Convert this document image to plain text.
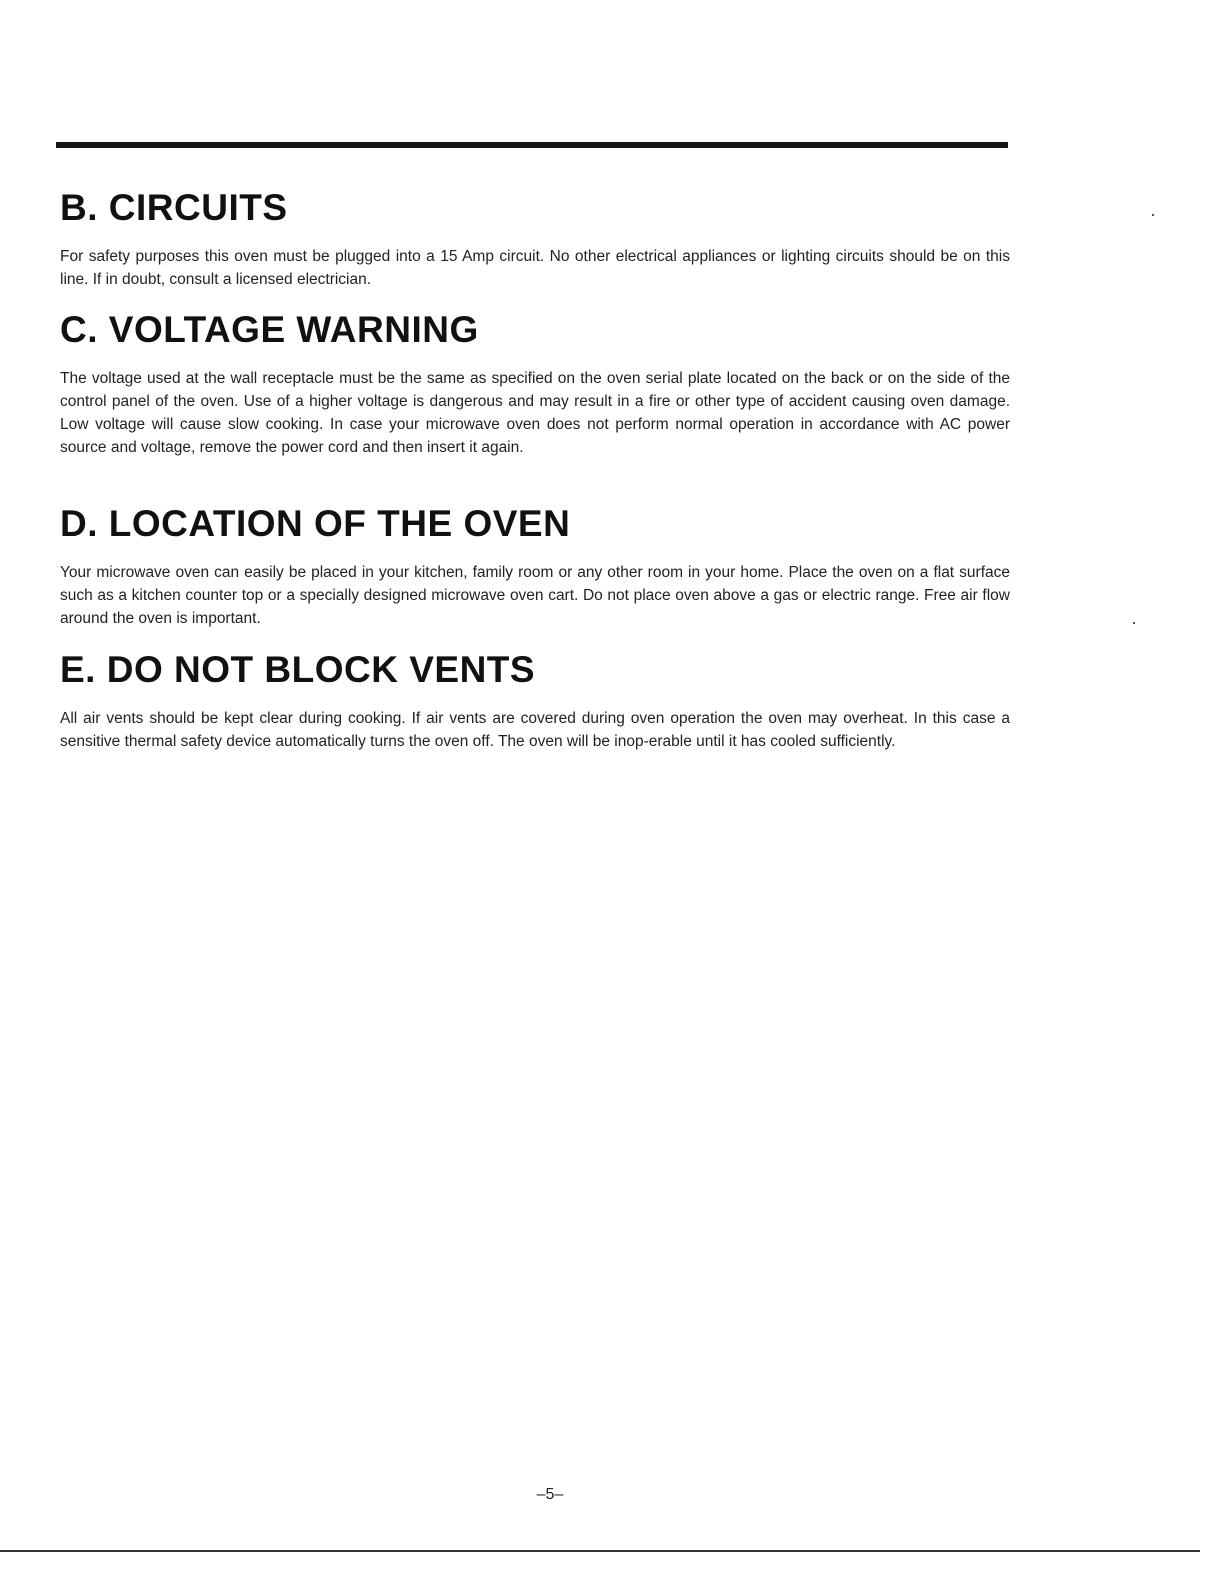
B. CIRCUITS

For safety purposes this oven must be plugged into a 15 Amp circuit. No other electrical appliances or lighting circuits should be on this line. If in doubt, consult a licensed electrician.

C. VOLTAGE WARNING

The voltage used at the wall receptacle must be the same as specified on the oven serial plate located on the back or on the side of the control panel of the oven. Use of a higher voltage is dangerous and may result in a fire or other type of accident causing oven damage. Low voltage will cause slow cooking. In case your microwave oven does not perform normal operation in accordance with AC power source and voltage, remove the power cord and then insert it again.

D. LOCATION OF THE OVEN

Your microwave oven can easily be placed in your kitchen, family room or any other room in your home. Place the oven on a flat surface such as a kitchen counter top or a specially designed microwave oven cart. Do not place oven above a gas or electric range. Free air flow around the oven is important.

E. DO NOT BLOCK VENTS

All air vents should be kept clear during cooking. If air vents are covered during oven operation the oven may overheat. In this case a sensitive thermal safety device automatically turns the oven off. The oven will be inop-erable until it has cooled sufficiently.

–5–
